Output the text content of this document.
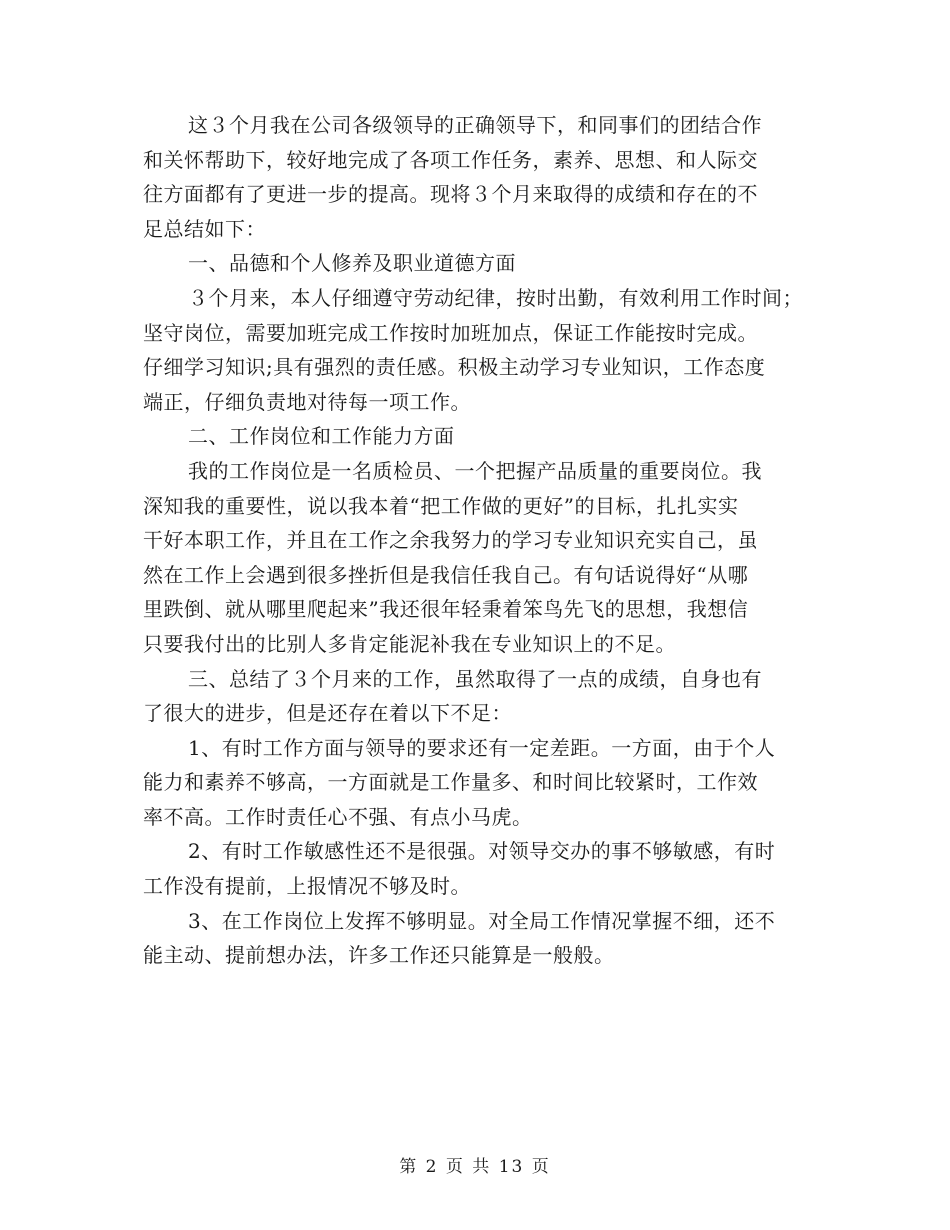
这３个月我在公司各级领导的正确领导下，和同事们的团结合作
和关怀帮助下，较好地完成了各项工作任务，素养、思想、和人际交
往方面都有了更进一步的提高。现将３个月来取得的成绩和存在的不
足总结如下：
一、品德和个人修养及职业道德方面
３个月来，本人仔细遵守劳动纪律，按时出勤，有效利用工作时间；
坚守岗位，需要加班完成工作按时加班加点，保证工作能按时完成。
仔细学习知识;具有强烈的责任感。积极主动学习专业知识，工作态度
端正，仔细负责地对待每一项工作。
二、工作岗位和工作能力方面
我的工作岗位是一名质检员、一个把握产品质量的重要岗位。我
深知我的重要性，说以我本着“把工作做的更好”的目标，扎扎实实
干好本职工作，并且在工作之余我努力的学习专业知识充实自己，虽
然在工作上会遇到很多挫折但是我信任我自己。有句话说得好“从哪
里跌倒、就从哪里爬起来”我还很年轻秉着笨鸟先飞的思想，我想信
只要我付出的比别人多肯定能泥补我在专业知识上的不足。
三、总结了３个月来的工作，虽然取得了一点的成绩，自身也有
了很大的进步，但是还存在着以下不足：
1、有时工作方面与领导的要求还有一定差距。一方面，由于个人
能力和素养不够高，一方面就是工作量多、和时间比较紧时，工作效
率不高。工作时责任心不强、有点小马虎。
2、有时工作敏感性还不是很强。对领导交办的事不够敏感，有时
工作没有提前，上报情况不够及时。
3、在工作岗位上发挥不够明显。对全局工作情况掌握不细，还不
能主动、提前想办法，许多工作还只能算是一般般。
第 2 页 共 13 页
